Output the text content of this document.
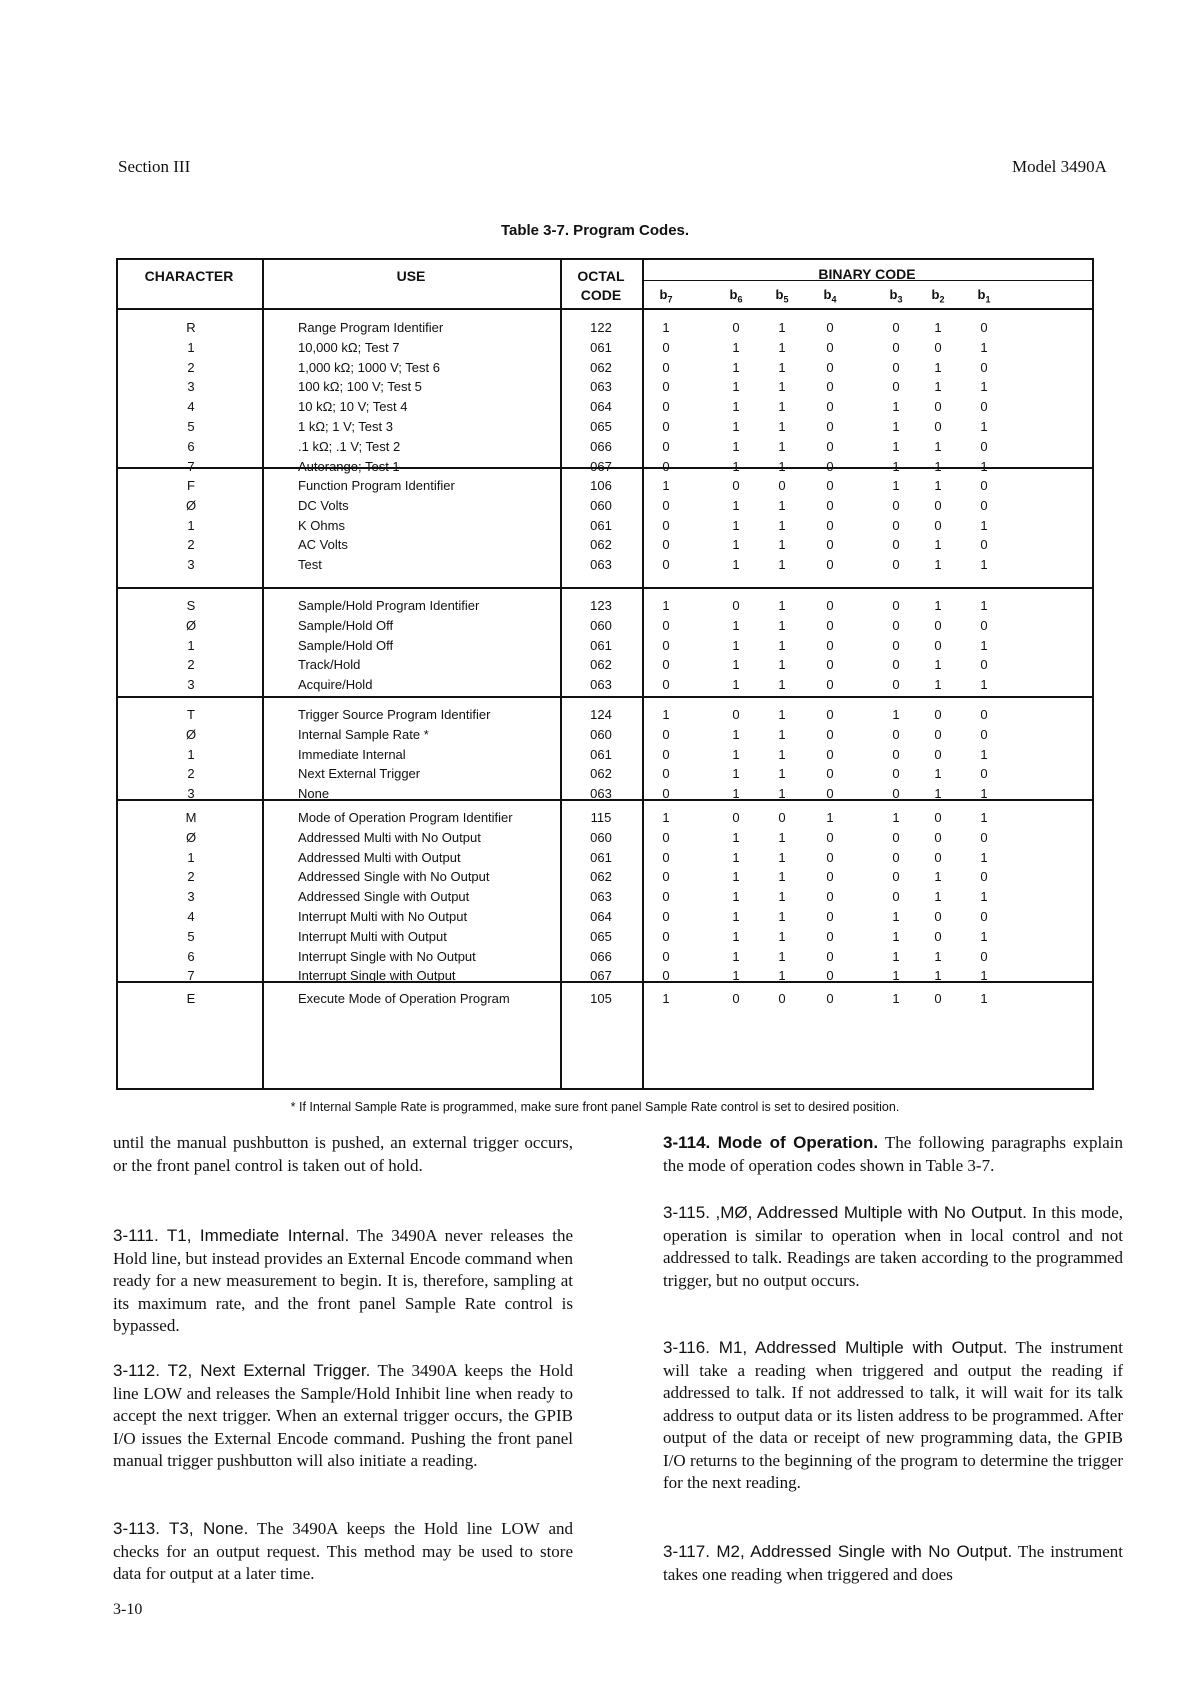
Section III	Model 3490A
Table 3-7. Program Codes.
CHARACTER	USE	OCTAL
CODE
BINARY CODE
$b_7$	$b_6$	$b_5$	$b_4$	$b_3$	$b_2$	$b_1$
R	Range Program Identifier	122	1	0	1	0	0	1	0
1	10,000 kΩ; Test 7	061	0	1	1	0	0	0	1
2	1,000 kΩ; 1000 V; Test 6	062	0	1	1	0	0	1	0
3	100 kΩ; 100 V; Test 5	063	0	1	1	0	0	1	1
4	10 kΩ; 10 V; Test 4	064	0	1	1	0	1	0	0
5	1 kΩ; 1 V; Test 3	065	0	1	1	0	1	0	1
6	.1 kΩ; .1 V; Test 2	066	0	1	1	0	1	1	0
7	Autorange; Test 1	067	0	1	1	0	1	1	1
F	Function Program Identifier	106	1	0	0	0	1	1	0
Ø	DC Volts	060	0	1	1	0	0	0	0
1	K Ohms	061	0	1	1	0	0	0	1
2	AC Volts	062	0	1	1	0	0	1	0
3	Test	063	0	1	1	0	0	1	1
S	Sample/Hold Program Identifier	123	1	0	1	0	0	1	1
Ø	Sample/Hold Off	060	0	1	1	0	0	0	0
1	Sample/Hold Off	061	0	1	1	0	0	0	1
2	Track/Hold	062	0	1	1	0	0	1	0
3	Acquire/Hold	063	0	1	1	0	0	1	1
T	Trigger Source Program Identifier	124	1	0	1	0	1	0	0
Ø	Internal Sample Rate *	060	0	1	1	0	0	0	0
1	Immediate Internal	061	0	1	1	0	0	0	1
2	Next External Trigger	062	0	1	1	0	0	1	0
3	None	063	0	1	1	0	0	1	1
M	Mode of Operation Program Identifier	115	1	0	0	1	1	0	1
Ø	Addressed Multi with No Output	060	0	1	1	0	0	0	0
1	Addressed Multi with Output	061	0	1	1	0	0	0	1
2	Addressed Single with No Output	062	0	1	1	0	0	1	0
3	Addressed Single with Output	063	0	1	1	0	0	1	1
4	Interrupt Multi with No Output	064	0	1	1	0	1	0	0
5	Interrupt Multi with Output	065	0	1	1	0	1	0	1
6	Interrupt Single with No Output	066	0	1	1	0	1	1	0
7	Interrupt Single with Output	067	0	1	1	0	1	1	1
E	Execute Mode of Operation Program	105	1	0	0	0	1	0	1
* If Internal Sample Rate is programmed, make sure front panel Sample Rate control is set to desired position.
until the manual pushbutton is pushed, an external trigger occurs, or the front panel control is taken out of hold.
3-111. T1, Immediate Internal. The 3490A never releases the Hold line, but instead provides an External Encode command when ready for a new measurement to begin. It is, therefore, sampling at its maximum rate, and the front panel Sample Rate control is bypassed.
3-112. T2, Next External Trigger. The 3490A keeps the Hold line LOW and releases the Sample/Hold Inhibit line when ready to accept the next trigger. When an external trigger occurs, the GPIB I/O issues the External Encode command. Pushing the front panel manual trigger pushbutton will also initiate a reading.
3-113. T3, None. The 3490A keeps the Hold line LOW and checks for an output request. This method may be used to store data for output at a later time.
3-114. Mode of Operation. The following paragraphs explain the mode of operation codes shown in Table 3-7.
3-115. ,MØ, Addressed Multiple with No Output. In this mode, operation is similar to operation when in local control and not addressed to talk. Readings are taken according to the programmed trigger, but no output occurs.
3-116. M1, Addressed Multiple with Output. The instrument will take a reading when triggered and output the reading if addressed to talk. If not addressed to talk, it will wait for its talk address to output data or its listen address to be programmed. After output of the data or receipt of new programming data, the GPIB I/O returns to the beginning of the program to determine the trigger for the next reading.
3-117. M2, Addressed Single with No Output. The instrument takes one reading when triggered and does
3-10
